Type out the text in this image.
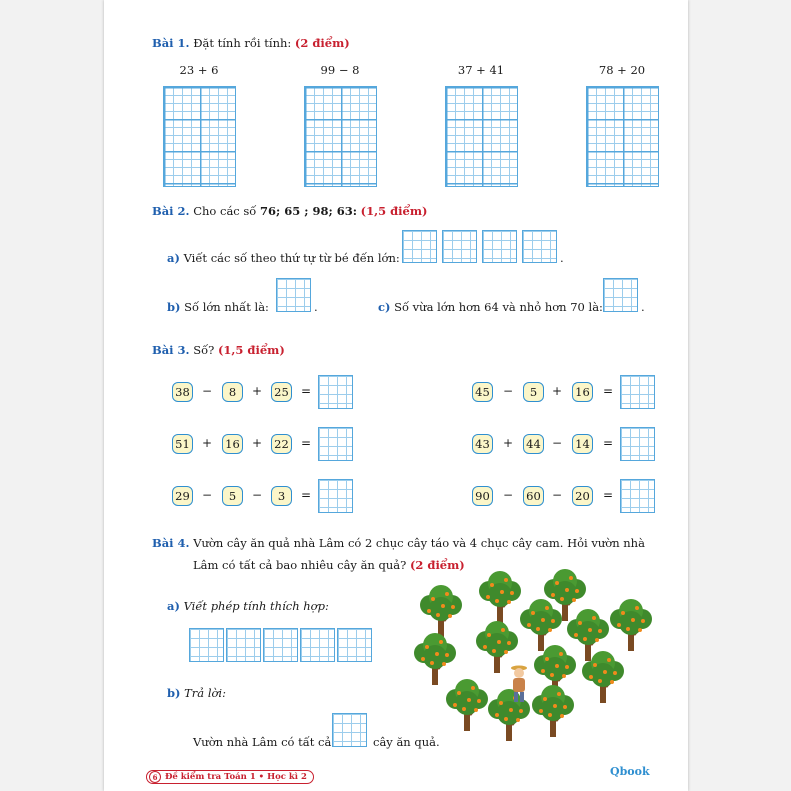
Bài 1. Đặt tính rồi tính: (2 điểm)
23 + 6	99 − 8	37 + 41	78 + 20
Bài 2. Cho các số 76; 65 ; 98; 63: (1,5 điểm)
a) Viết các số theo thứ tự từ bé đến lớn:	.
b) Số lớn nhất là:	.	c) Số vừa lớn hơn 64 và nhỏ hơn 70 là:	.
Bài 3. Số? (1,5 điểm)
38 −	8	+ 25 =	45 −	5	+ 16 =
51 + 16 + 22 =	43 + 44 − 14 =
29 −	5	−	3	=	90 − 60 − 20 =
Bài 4. Vườn cây ăn quả nhà Lâm có 2 chục cây táo và 4 chục cây cam. Hỏi vườn nhà
Lâm có tất cả bao nhiêu cây ăn quả? (2 điểm)
a) Viết phép tính thích hợp:
b) Trả lời:
Vườn nhà Lâm có tất cả	cây ăn quả.
6 Đề kiểm tra Toán 1 • Học kì 2	Qbook
